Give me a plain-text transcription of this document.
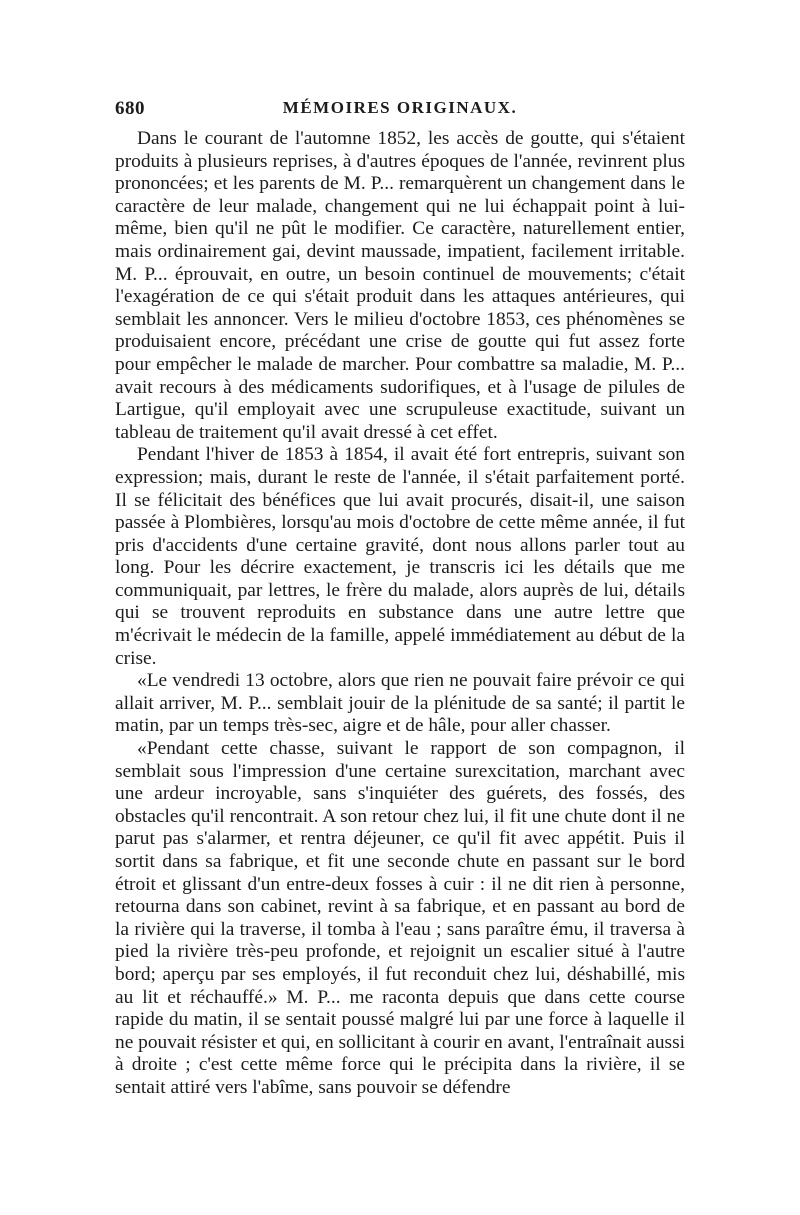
680	MÉMOIRES ORIGINAUX.

Dans le courant de l'automne 1852, les accès de goutte, qui s'étaient produits à plusieurs reprises, à d'autres époques de l'année, revinrent plus prononcées; et les parents de M. P... remarquèrent un changement dans le caractère de leur malade, changement qui ne lui échappait point à lui-même, bien qu'il ne pût le modifier. Ce caractère, naturellement entier, mais ordinairement gai, devint maussade, impatient, facilement irritable. M. P... éprouvait, en outre, un besoin continuel de mouvements; c'était l'exagération de ce qui s'était produit dans les attaques antérieures, qui semblait les annoncer. Vers le milieu d'octobre 1853, ces phénomènes se produisaient encore, précédant une crise de goutte qui fut assez forte pour empêcher le malade de marcher. Pour combattre sa maladie, M. P... avait recours à des médicaments sudorifiques, et à l'usage de pilules de Lartigue, qu'il employait avec une scrupuleuse exactitude, suivant un tableau de traitement qu'il avait dressé à cet effet.

Pendant l'hiver de 1853 à 1854, il avait été fort entrepris, suivant son expression; mais, durant le reste de l'année, il s'était parfaitement porté. Il se félicitait des bénéfices que lui avait procurés, disait-il, une saison passée à Plombières, lorsqu'au mois d'octobre de cette même année, il fut pris d'accidents d'une certaine gravité, dont nous allons parler tout au long. Pour les décrire exactement, je transcris ici les détails que me communiquait, par lettres, le frère du malade, alors auprès de lui, détails qui se trouvent reproduits en substance dans une autre lettre que m'écrivait le médecin de la famille, appelé immédiatement au début de la crise.

«Le vendredi 13 octobre, alors que rien ne pouvait faire prévoir ce qui allait arriver, M. P... semblait jouir de la plénitude de sa santé; il partit le matin, par un temps très-sec, aigre et de hâle, pour aller chasser.

«Pendant cette chasse, suivant le rapport de son compagnon, il semblait sous l'impression d'une certaine surexcitation, marchant avec une ardeur incroyable, sans s'inquiéter des guérets, des fossés, des obstacles qu'il rencontrait. A son retour chez lui, il fit une chute dont il ne parut pas s'alarmer, et rentra déjeuner, ce qu'il fit avec appétit. Puis il sortit dans sa fabrique, et fit une seconde chute en passant sur le bord étroit et glissant d'un entre-deux fosses à cuir : il ne dit rien à personne, retourna dans son cabinet, revint à sa fabrique, et en passant au bord de la rivière qui la traverse, il tomba à l'eau ; sans paraître ému, il traversa à pied la rivière très-peu profonde, et rejoignit un escalier situé à l'autre bord; aperçu par ses employés, il fut reconduit chez lui, déshabillé, mis au lit et réchauffé.» M. P... me raconta depuis que dans cette course rapide du matin, il se sentait poussé malgré lui par une force à laquelle il ne pouvait résister et qui, en sollicitant à courir en avant, l'entraînait aussi à droite ; c'est cette même force qui le précipita dans la rivière, il se sentait attiré vers l'abîme, sans pouvoir se défendre
